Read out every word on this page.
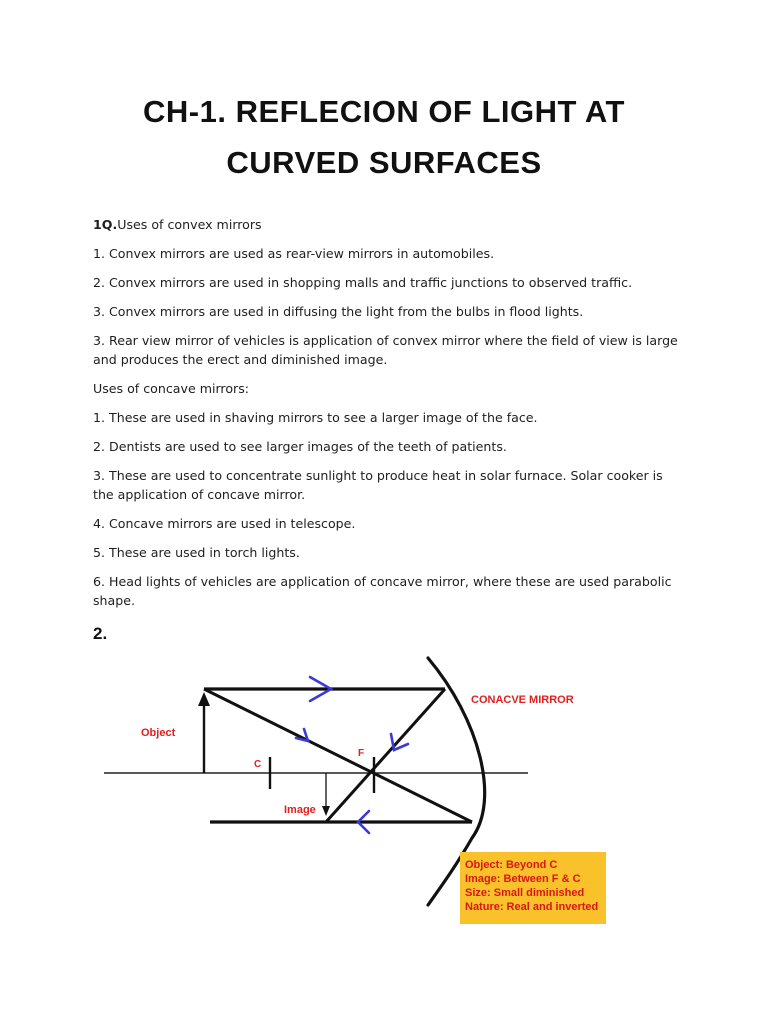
CH-1. REFLECION OF LIGHT AT
CURVED SURFACES

1Q.Uses of convex mirrors

1. Convex mirrors are used as rear-view mirrors in automobiles.

2. Convex mirrors are used in shopping malls and traffic junctions to observed traffic.

3. Convex mirrors are used in diffusing the light from the bulbs in flood lights.

3. Rear view mirror of vehicles is application of convex mirror where the field of view is large and produces the erect and diminished image.

Uses of concave mirrors:

1. These are used in shaving mirrors to see a larger image of the face.

2. Dentists are used to see larger images of the teeth of patients.

3. These are used to concentrate sunlight to produce heat in solar furnace. Solar cooker is the application of concave mirror.

4. Concave mirrors are used in telescope.

5. These are used in torch lights.

6. Head lights of vehicles are application of concave mirror, where these are used parabolic shape.

2.

CONACVE MIRROR
Object
Image
C
F
Object: Beyond C
Image: Between F & C
Size: Small diminished
Nature: Real and inverted
